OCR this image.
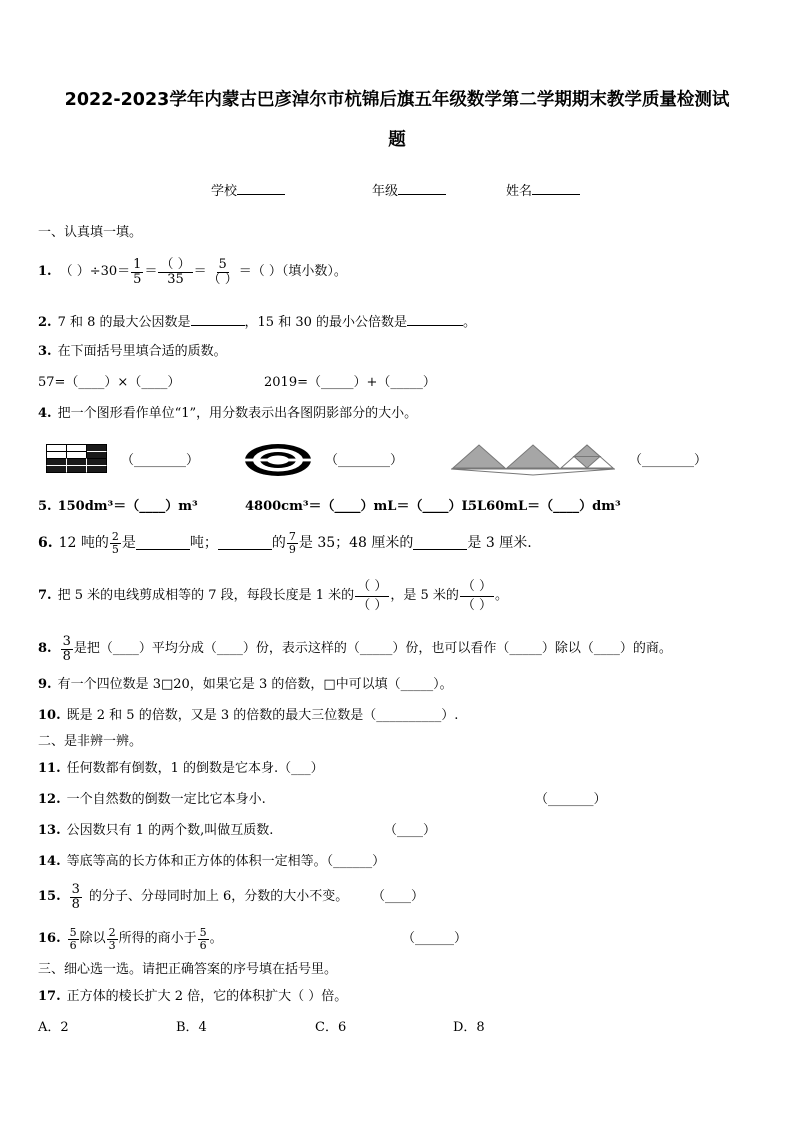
2022-2023学年内蒙古巴彦淖尔市杭锦后旗五年级数学第二学期期末教学质量检测试
题
学校	年级	姓名
一、认真填一填。
1. （ ）$\div 30= \frac{1}{5} = \frac{( )}{35} = \frac{5}{( )}$ ＝（ ）（填小数）。
2. 7 和 8 的最大公因数是	，15 和 30 的最小公倍数是	。
3. 在下面括号里填合适的质数。
57=（____）×（____）	2019=（_____）+（_____）
4. 把一个图形看作单位“1”，用分数表示出各图阴影部分的大小。
（________）	（________）	（________）
5. 150dm³＝（____）m³	4800cm³＝（____）mL＝（____）L
5L60mL＝（____）dm³
6. 12 吨的 $\frac{2}{5}$ 是	吨；	的 $\frac{7}{9}$ 是 35；48 厘米的	是 3 厘米.
7. 把 5 米的电线剪成相等的 7 段，每段长度是 1 米的 $\frac{( )}{( )}$ ，是 5 米的 $\frac{( )}{( )}$ 。
8. $\frac{3}{8}$ 是把（____）平均分成（____）份，表示这样的（_____）份，也可以看作（_____）除以（____）的商。
9. 有一个四位数是 3□20，如果它是 3 的倍数，□中可以填（_____）。
10. 既是 2 和 5 的倍数，又是 3 的倍数的最大三位数是（__________）.
二、是非辨一辨。
11. 任何数都有倒数，1 的倒数是它本身.（___）
12. 一个自然数的倒数一定比它本身小.	（_______）
13. 公因数只有 1 的两个数,叫做互质数.	（____）
14. 等底等高的长方体和正方体的体积一定相等。（______）
15. $\frac{3}{8}$ 的分子、分母同时加上 6，分数的大小不变。 （____）
16. $\frac{5}{6}$ 除以 $\frac{2}{3}$ 所得的商小于 $\frac{5}{6}$ 。	（______）
三、细心选一选。请把正确答案的序号填在括号里。
17. 正方体的棱长扩大 2 倍，它的体积扩大（ ）倍。
A．2	B．4	C．6	D．8
